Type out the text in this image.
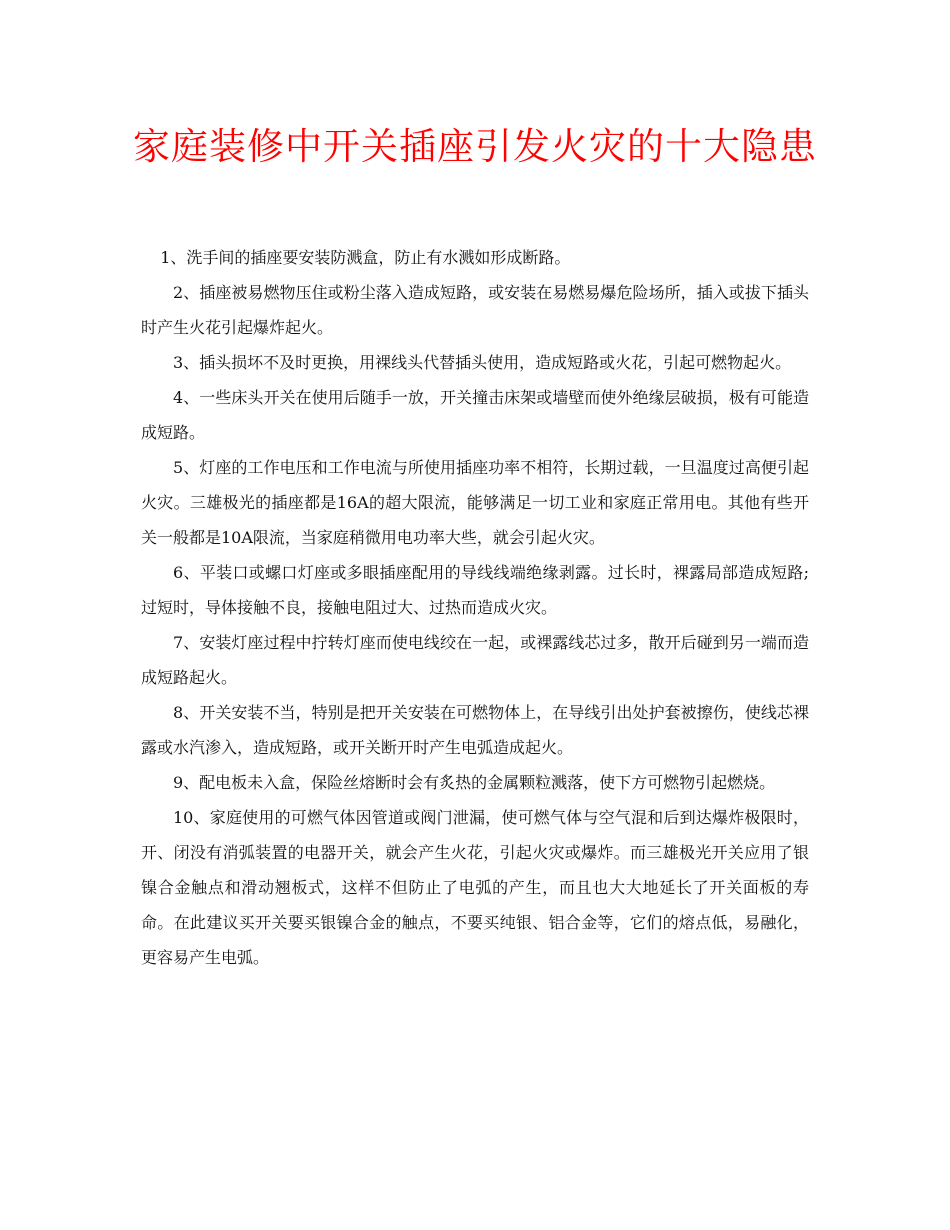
家庭装修中开关插座引发火灾的十大隐患

1、洗手间的插座要安装防溅盒，防止有水溅如形成断路。

2、插座被易燃物压住或粉尘落入造成短路，或安装在易燃易爆危险场所，插入或拔下插头时产生火花引起爆炸起火。

3、插头损坏不及时更换，用裸线头代替插头使用，造成短路或火花，引起可燃物起火。

4、一些床头开关在使用后随手一放，开关撞击床架或墙壁而使外绝缘层破损，极有可能造成短路。

5、灯座的工作电压和工作电流与所使用插座功率不相符，长期过载，一旦温度过高便引起火灾。三雄极光的插座都是16A的超大限流，能够满足一切工业和家庭正常用电。其他有些开关一般都是10A限流，当家庭稍微用电功率大些，就会引起火灾。

6、平装口或螺口灯座或多眼插座配用的导线线端绝缘剥露。过长时，裸露局部造成短路;过短时，导体接触不良，接触电阻过大、过热而造成火灾。

7、安装灯座过程中拧转灯座而使电线绞在一起，或裸露线芯过多，散开后碰到另一端而造成短路起火。

8、开关安装不当，特别是把开关安装在可燃物体上，在导线引出处护套被擦伤，使线芯裸露或水汽渗入，造成短路，或开关断开时产生电弧造成起火。

9、配电板未入盒，保险丝熔断时会有炙热的金属颗粒溅落，使下方可燃物引起燃烧。

10、家庭使用的可燃气体因管道或阀门泄漏，使可燃气体与空气混和后到达爆炸极限时，开、闭没有消弧装置的电器开关，就会产生火花，引起火灾或爆炸。而三雄极光开关应用了银镍合金触点和滑动翘板式，这样不但防止了电弧的产生，而且也大大地延长了开关面板的寿命。在此建议买开关要买银镍合金的触点，不要买纯银、铝合金等，它们的熔点低，易融化，更容易产生电弧。
